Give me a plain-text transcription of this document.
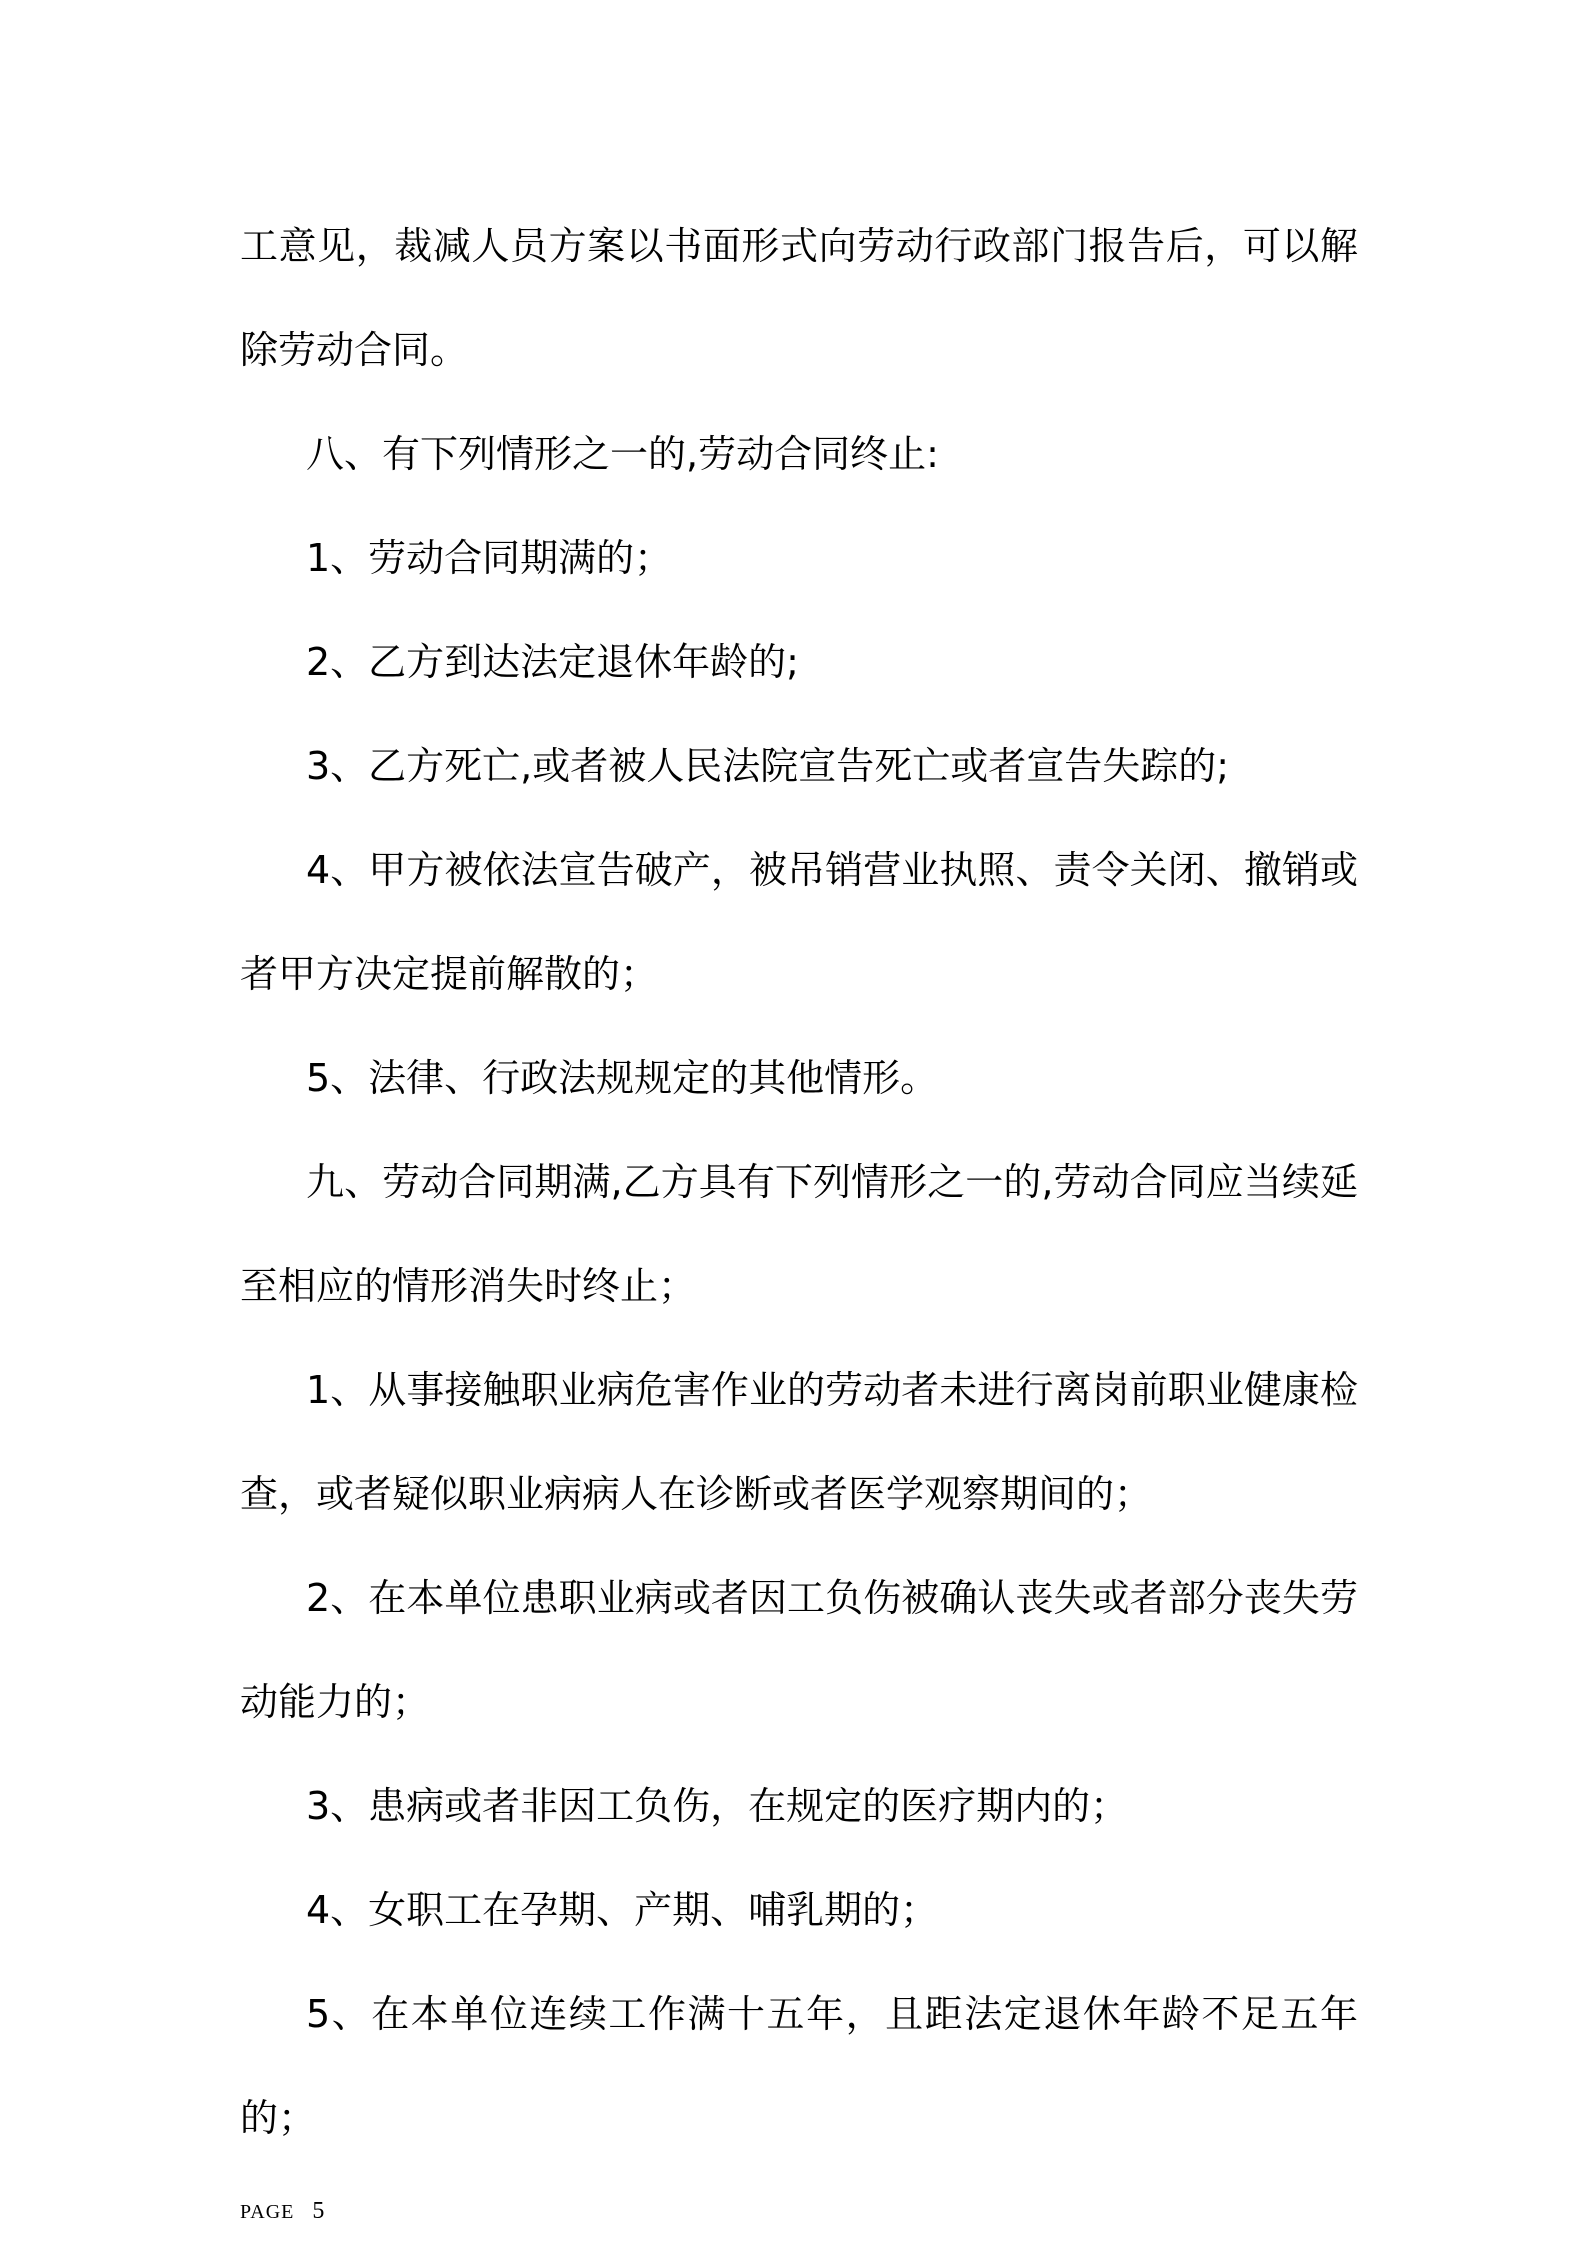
工意见，裁减人员方案以书面形式向劳动行政部门报告后，可以解除劳动合同。

八、有下列情形之一的,劳动合同终止:

1、劳动合同期满的；

2、乙方到达法定退休年龄的;

3、乙方死亡,或者被人民法院宣告死亡或者宣告失踪的;

4、甲方被依法宣告破产，被吊销营业执照、责令关闭、撤销或者甲方决定提前解散的；

5、法律、行政法规规定的其他情形。

九、劳动合同期满,乙方具有下列情形之一的,劳动合同应当续延至相应的情形消失时终止；

1、从事接触职业病危害作业的劳动者未进行离岗前职业健康检查，或者疑似职业病病人在诊断或者医学观察期间的；

2、在本单位患职业病或者因工负伤被确认丧失或者部分丧失劳动能力的；

3、患病或者非因工负伤，在规定的医疗期内的；

4、女职工在孕期、产期、哺乳期的；

5、在本单位连续工作满十五年，且距法定退休年龄不足五年的；

PAGE 5
